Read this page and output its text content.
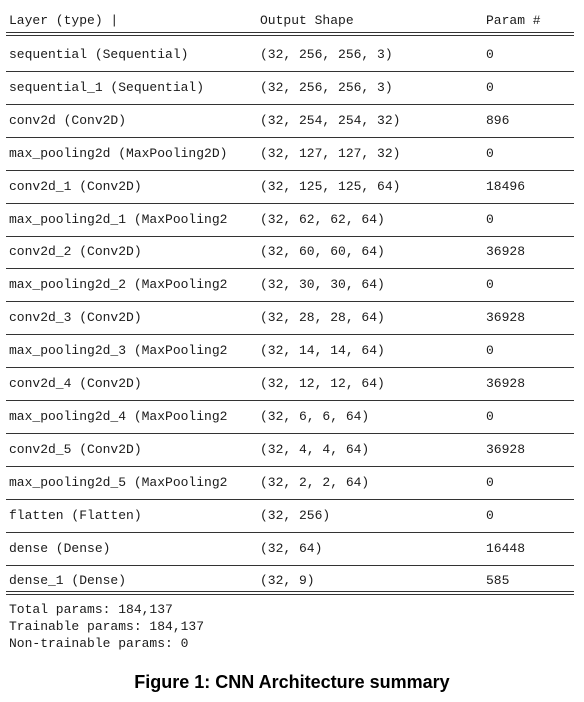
Layer (type) |	Output Shape	Param #
sequential (Sequential)	(32, 256, 256, 3)	0
sequential_1 (Sequential)	(32, 256, 256, 3)	0
conv2d (Conv2D)	(32, 254, 254, 32)	896
max_pooling2d (MaxPooling2D)	(32, 127, 127, 32)	0
conv2d_1 (Conv2D)	(32, 125, 125, 64)	18496
max_pooling2d_1 (MaxPooling2	(32, 62, 62, 64)	0
conv2d_2 (Conv2D)	(32, 60, 60, 64)	36928
max_pooling2d_2 (MaxPooling2	(32, 30, 30, 64)	0
conv2d_3 (Conv2D)	(32, 28, 28, 64)	36928
max_pooling2d_3 (MaxPooling2	(32, 14, 14, 64)	0
conv2d_4 (Conv2D)	(32, 12, 12, 64)	36928
max_pooling2d_4 (MaxPooling2	(32, 6, 6, 64)	0
conv2d_5 (Conv2D)	(32, 4, 4, 64)	36928
max_pooling2d_5 (MaxPooling2	(32, 2, 2, 64)	0
flatten (Flatten)	(32, 256)	0
dense (Dense)	(32, 64)	16448
dense_1 (Dense)	(32, 9)	585
Total params: 184,137
Trainable params: 184,137
Non-trainable params: 0
Figure 1: CNN Architecture summary
